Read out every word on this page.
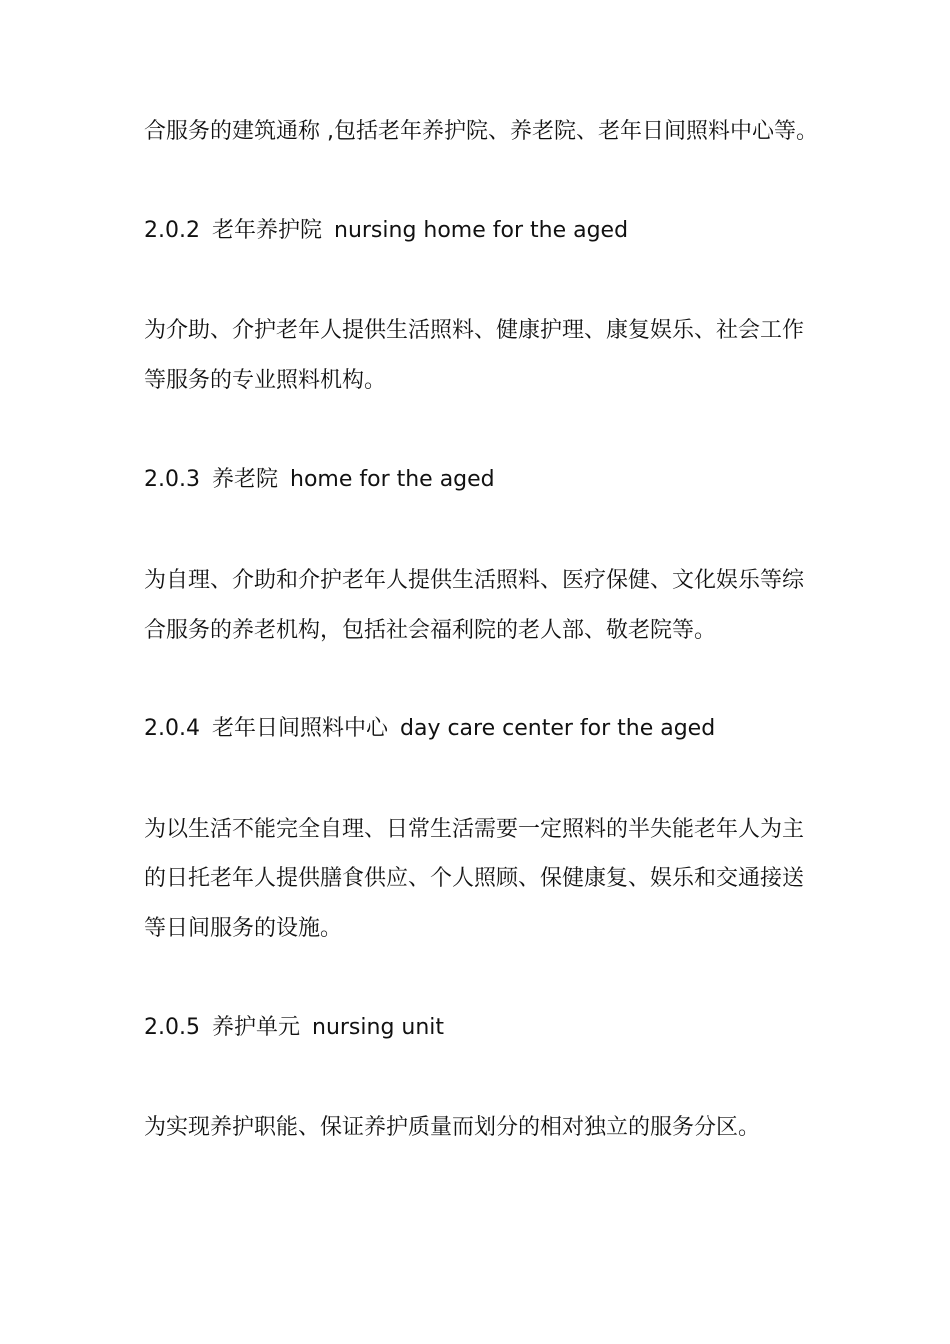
合服务的建筑通称 ,包括老年养护院、养老院、老年日间照料中心等。
2.0.2 老年养护院 nursing home for the aged
为介助、介护老年人提供生活照料、健康护理、康复娱乐、社会工作
等服务的专业照料机构。
2.0.3 养老院 home for the aged
为自理、介助和介护老年人提供生活照料、医疗保健、文化娱乐等综
合服务的养老机构，包括社会福利院的老人部、敬老院等。
2.0.4 老年日间照料中心 day care center for the aged
为以生活不能完全自理、日常生活需要一定照料的半失能老年人为主
的日托老年人提供膳食供应、个人照顾、保健康复、娱乐和交通接送
等日间服务的设施。
2.0.5 养护单元 nursing unit
为实现养护职能、保证养护质量而划分的相对独立的服务分区。
